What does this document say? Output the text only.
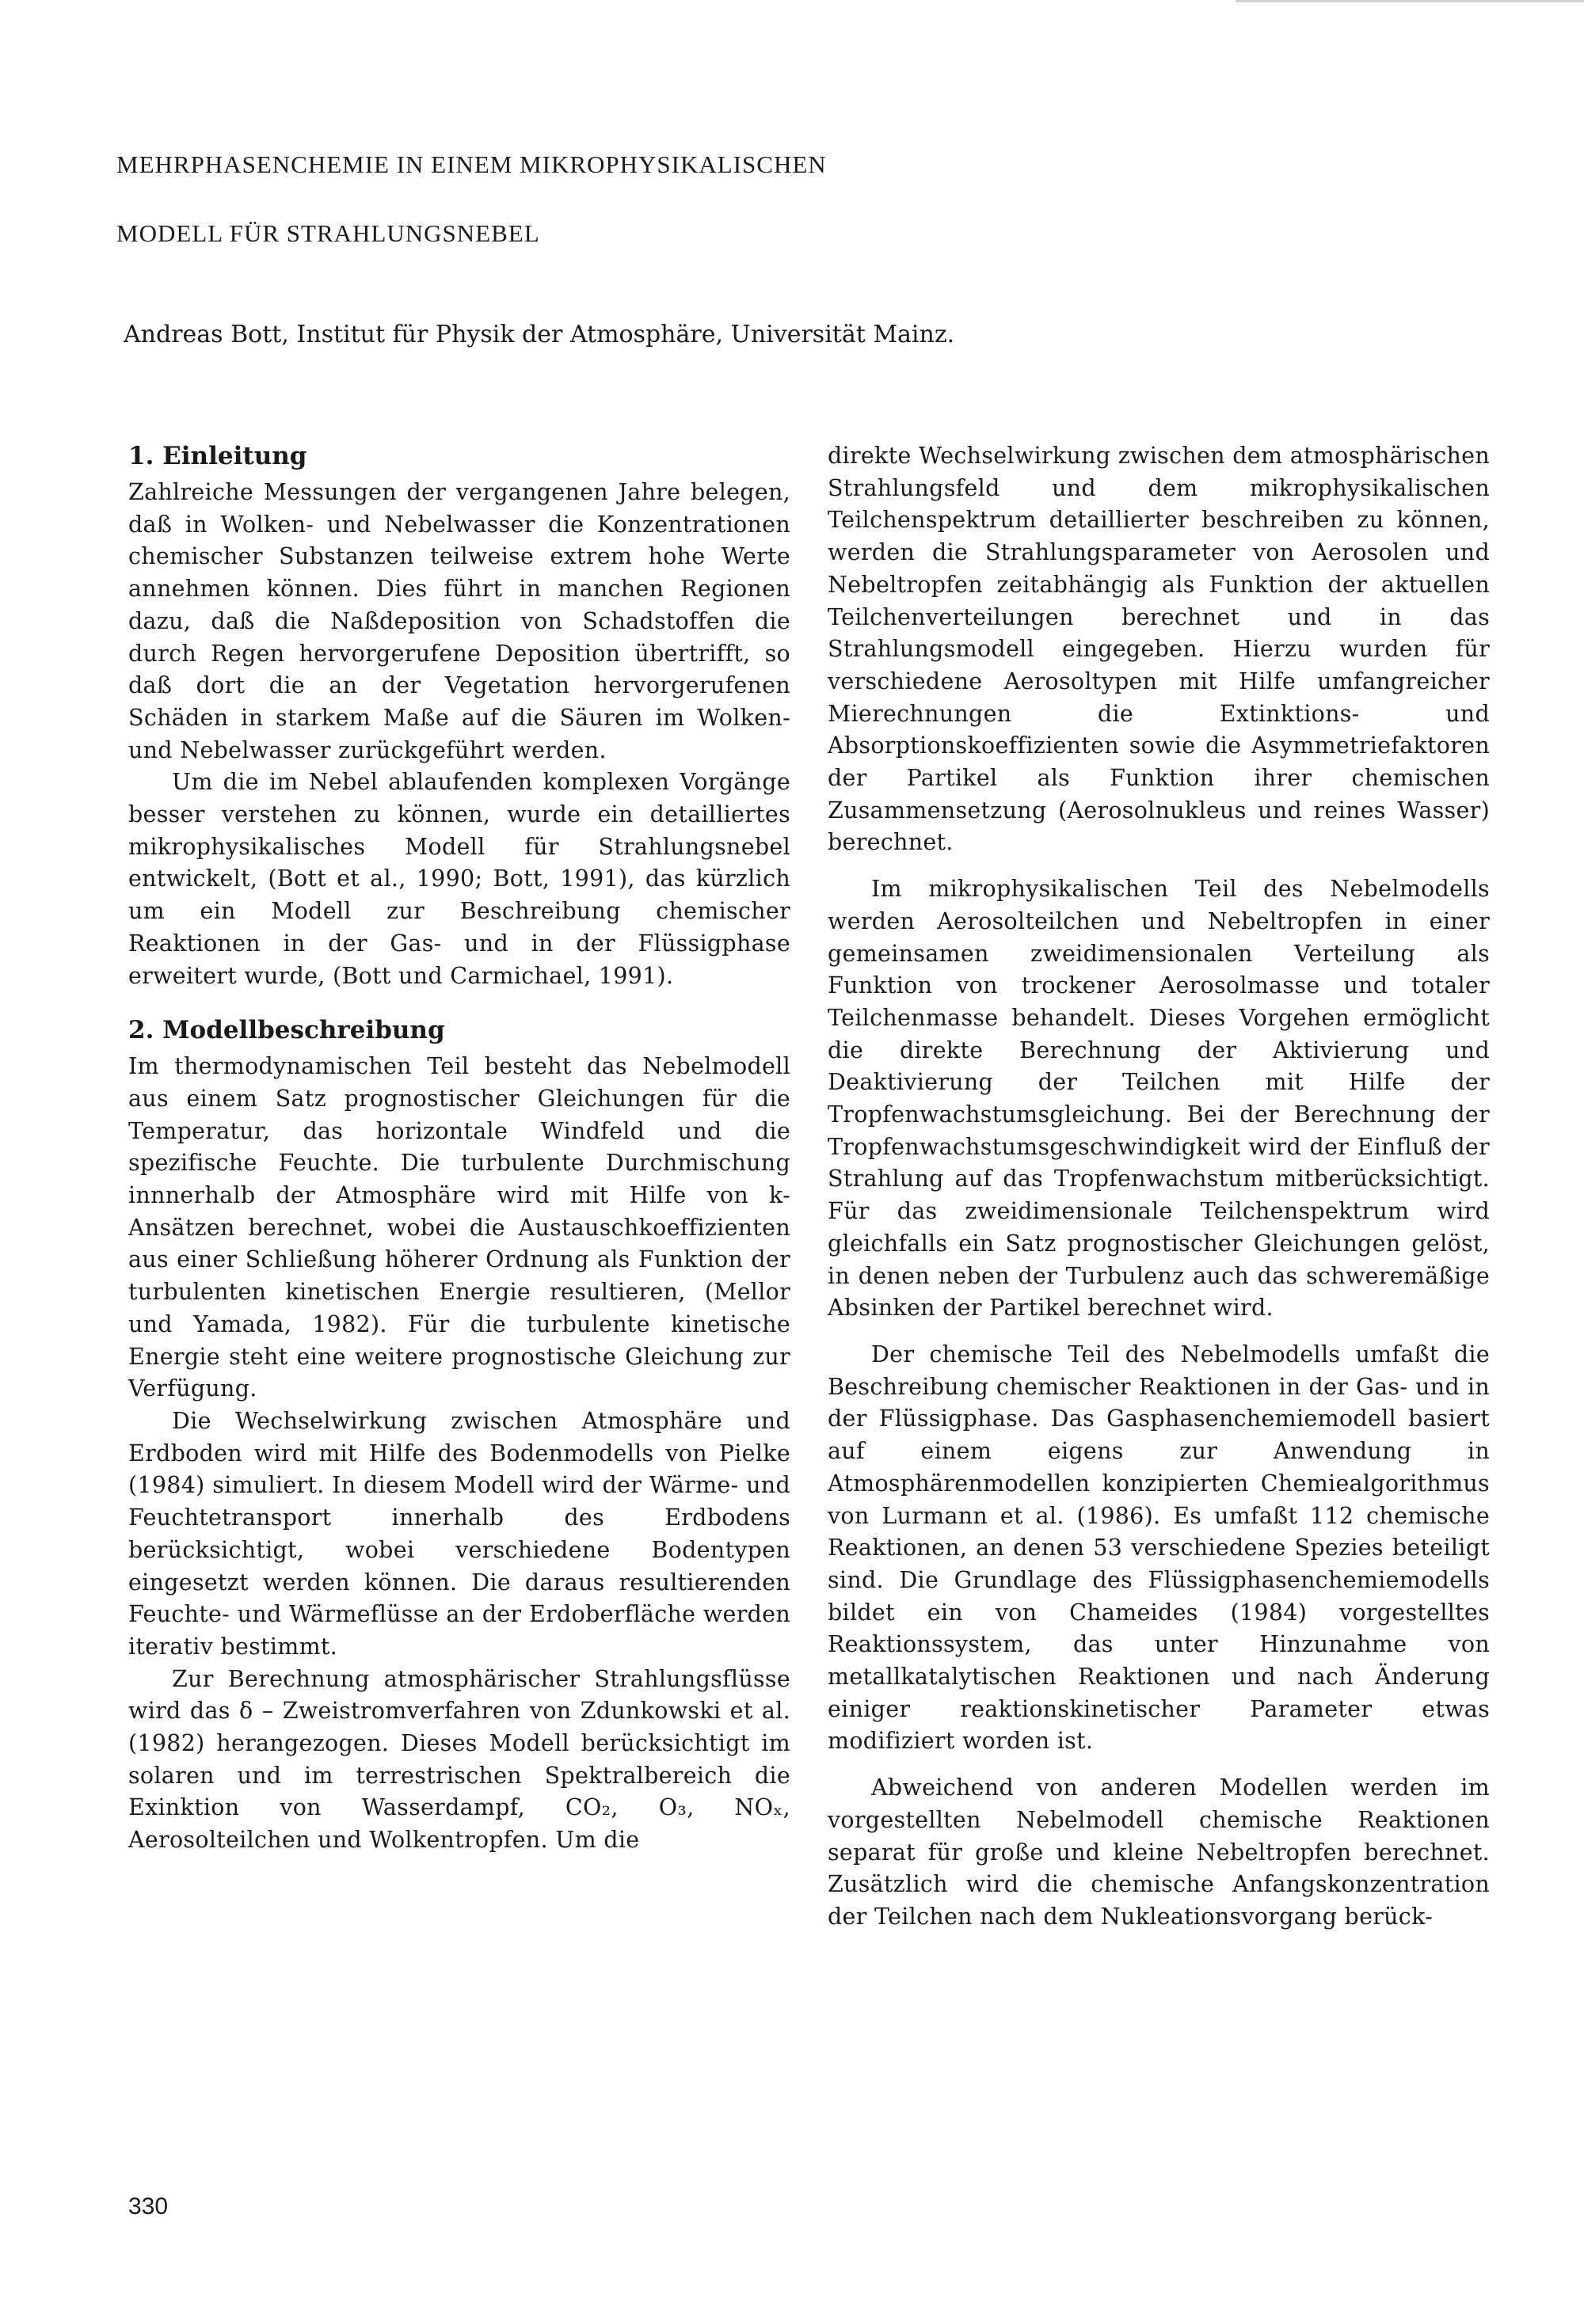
MEHRPHASENCHEMIE IN EINEM MIKROPHYSIKALISCHEN
MODELL FÜR STRAHLUNGSNEBEL
Andreas Bott, Institut für Physik der Atmosphäre, Universität Mainz.
1. Einleitung

Zahlreiche Messungen der vergangenen Jahre belegen, daß in Wolken- und Nebelwasser die Konzentrationen chemischer Substanzen teilweise extrem hohe Werte annehmen können. Dies führt in manchen Regionen dazu, daß die Naßdeposition von Schadstoffen die durch Regen hervorgerufene Deposition übertrifft, so daß dort die an der Vegetation hervorgerufenen Schäden in starkem Maße auf die Säuren im Wolken- und Nebelwasser zurückgeführt werden.

Um die im Nebel ablaufenden komplexen Vorgänge besser verstehen zu können, wurde ein detailliertes mikrophysikalisches Modell für Strahlungsnebel entwickelt, (Bott et al., 1990; Bott, 1991), das kürzlich um ein Modell zur Beschreibung chemischer Reaktionen in der Gas- und in der Flüssigphase erweitert wurde, (Bott und Carmichael, 1991).

2. Modellbeschreibung

Im thermodynamischen Teil besteht das Nebelmodell aus einem Satz prognostischer Gleichungen für die Temperatur, das horizontale Windfeld und die spezifische Feuchte. Die turbulente Durchmischung innnerhalb der Atmosphäre wird mit Hilfe von k-Ansätzen berechnet, wobei die Austauschkoeffizienten aus einer Schließung höherer Ordnung als Funktion der turbulenten kinetischen Energie resultieren, (Mellor und Yamada, 1982). Für die turbulente kinetische Energie steht eine weitere prognostische Gleichung zur Verfügung.

Die Wechselwirkung zwischen Atmosphäre und Erdboden wird mit Hilfe des Bodenmodells von Pielke (1984) simuliert. In diesem Modell wird der Wärme- und Feuchtetransport innerhalb des Erdbodens berücksichtigt, wobei verschiedene Bodentypen eingesetzt werden können. Die daraus resultierenden Feuchte- und Wärmeflüsse an der Erdoberfläche werden iterativ bestimmt.

Zur Berechnung atmosphärischer Strahlungsflüsse wird das δ – Zweistromverfahren von Zdunkowski et al. (1982) herangezogen. Dieses Modell berücksichtigt im solaren und im terrestrischen Spektralbereich die Exinktion von Wasserdampf, CO₂, O₃, NOₓ, Aerosolteilchen und Wolkentropfen. Um die

direkte Wechselwirkung zwischen dem atmosphärischen Strahlungsfeld und dem mikrophysikalischen Teilchenspektrum detaillierter beschreiben zu können, werden die Strahlungsparameter von Aerosolen und Nebeltropfen zeitabhängig als Funktion der aktuellen Teilchenverteilungen berechnet und in das Strahlungsmodell eingegeben. Hierzu wurden für verschiedene Aerosoltypen mit Hilfe umfangreicher Mierechnungen die Extinktions- und Absorptionskoeffizienten sowie die Asymmetriefaktoren der Partikel als Funktion ihrer chemischen Zusammensetzung (Aerosolnukleus und reines Wasser) berechnet.

Im mikrophysikalischen Teil des Nebelmodells werden Aerosolteilchen und Nebeltropfen in einer gemeinsamen zweidimensionalen Verteilung als Funktion von trockener Aerosolmasse und totaler Teilchenmasse behandelt. Dieses Vorgehen ermöglicht die direkte Berechnung der Aktivierung und Deaktivierung der Teilchen mit Hilfe der Tropfenwachstumsgleichung. Bei der Berechnung der Tropfenwachstumsgeschwindigkeit wird der Einfluß der Strahlung auf das Tropfenwachstum mitberücksichtigt. Für das zweidimensionale Teilchenspektrum wird gleichfalls ein Satz prognostischer Gleichungen gelöst, in denen neben der Turbulenz auch das schweremäßige Absinken der Partikel berechnet wird.

Der chemische Teil des Nebelmodells umfaßt die Beschreibung chemischer Reaktionen in der Gas- und in der Flüssigphase. Das Gasphasenchemiemodell basiert auf einem eigens zur Anwendung in Atmosphärenmodellen konzipierten Chemiealgorithmus von Lurmann et al. (1986). Es umfaßt 112 chemische Reaktionen, an denen 53 verschiedene Spezies beteiligt sind. Die Grundlage des Flüssigphasenchemiemodells bildet ein von Chameides (1984) vorgestelltes Reaktionssystem, das unter Hinzunahme von metallkatalytischen Reaktionen und nach Änderung einiger reaktionskinetischer Parameter etwas modifiziert worden ist.

Abweichend von anderen Modellen werden im vorgestellten Nebelmodell chemische Reaktionen separat für große und kleine Nebeltropfen berechnet. Zusätzlich wird die chemische Anfangskonzentration der Teilchen nach dem Nukleationsvorgang berück-

330
